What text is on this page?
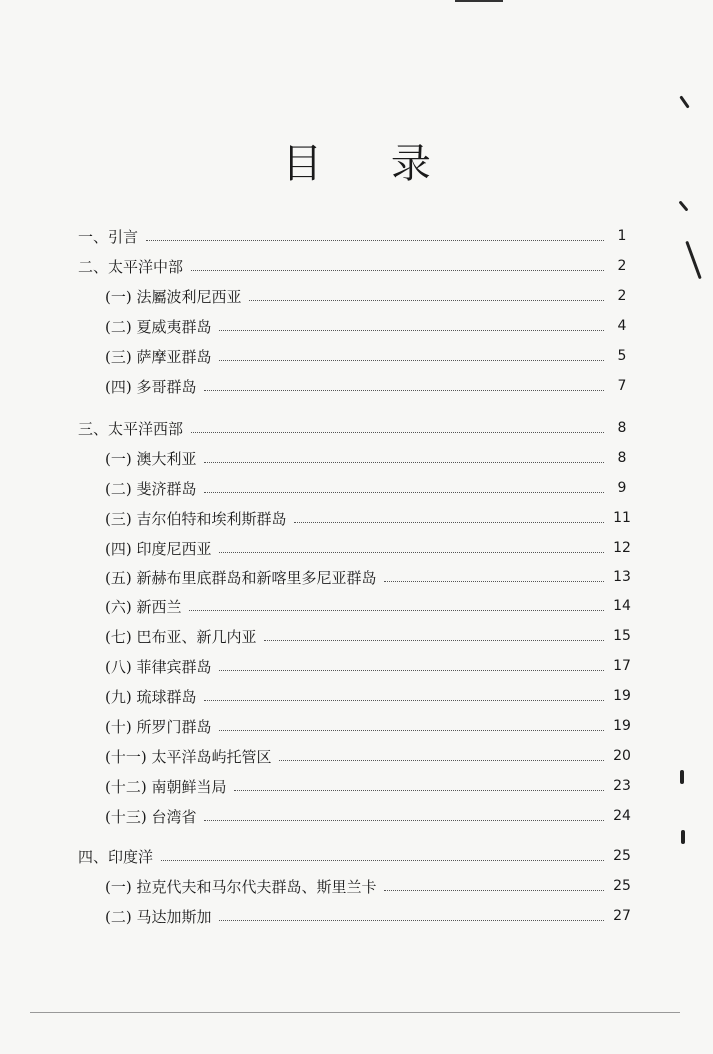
目 录
一、引言	1
二、太平洋中部	2
(一) 法屬波利尼西亚	2
(二) 夏威夷群岛	4
(三) 萨摩亚群岛	5
(四) 多哥群岛	7
三、太平洋西部	8
(一) 澳大利亚	8
(二) 斐济群岛	9
(三) 吉尔伯特和埃利斯群岛	11
(四) 印度尼西亚	12
(五) 新赫布里底群岛和新喀里多尼亚群岛	13
(六) 新西兰	14
(七) 巴布亚、新几内亚	15
(八) 菲律宾群岛	17
(九) 琉球群岛	19
(十) 所罗门群岛	19
(十一) 太平洋岛屿托管区	20
(十二) 南朝鲜当局	23
(十三) 台湾省	24
四、印度洋	25
(一) 拉克代夫和马尔代夫群岛、斯里兰卡	25
(二) 马达加斯加	27
